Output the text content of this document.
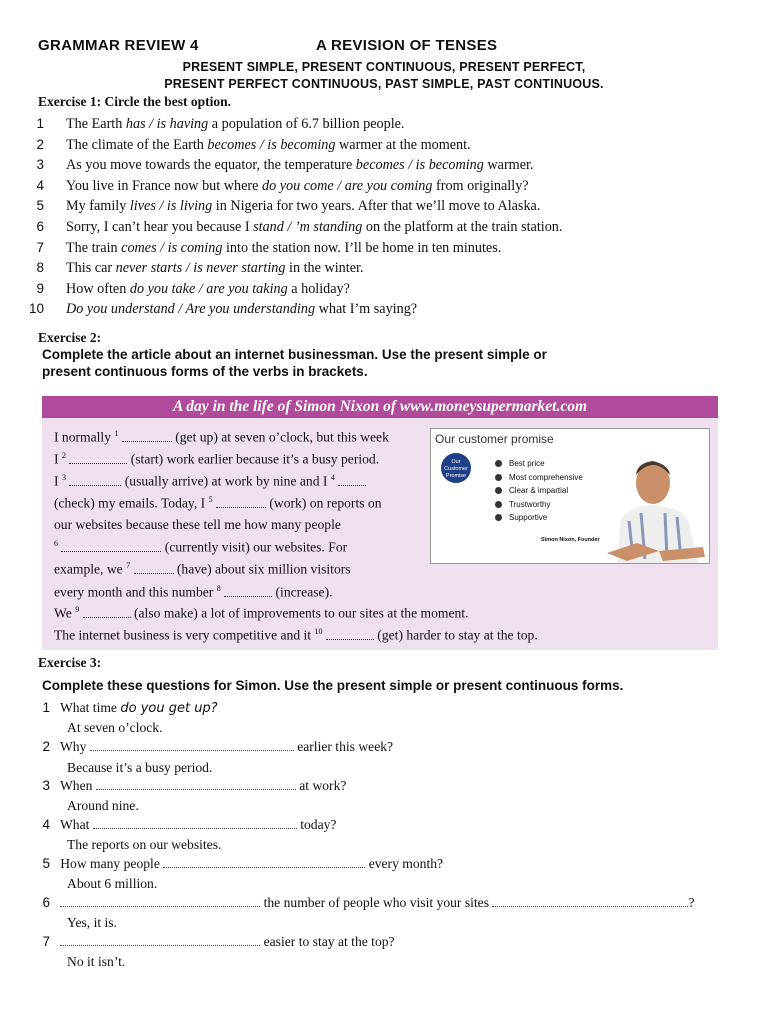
GRAMMAR REVIEW 4	A REVISION OF TENSES
PRESENT SIMPLE, PRESENT CONTINUOUS, PRESENT PERFECT,
PRESENT PERFECT CONTINUOUS, PAST SIMPLE, PAST CONTINUOUS.
Exercise 1: Circle the best option.
1 The Earth has / is having a population of 6.7 billion people.
2 The climate of the Earth becomes / is becoming warmer at the moment.
3 As you move towards the equator, the temperature becomes / is becoming warmer.
4 You live in France now but where do you come / are you coming from originally?
5 My family lives / is living in Nigeria for two years. After that we’ll move to Alaska.
6 Sorry, I can’t hear you because I stand / ’m standing on the platform at the train station.
7 The train comes / is coming into the station now. I’ll be home in ten minutes.
8 This car never starts / is never starting in the winter.
9 How often do you take / are you taking a holiday?
10 Do you understand / Are you understanding what I’m saying?
Exercise 2:
Complete the article about an internet businessman. Use the present simple or
present continuous forms of the verbs in brackets.
A day in the life of Simon Nixon of www.moneysupermarket.com
I normally $^1$	(get up) at seven o’clock, but this week
I $^2$	(start) work earlier because it’s a busy period.
I $^3$	(usually arrive) at work by nine and I $^4$
(check) my emails. Today, I $^5$	(work) on reports on
our websites because these tell me how many people
$^6$	(currently visit) our websites. For
example, we $^7$	(have) about six million visitors
every month and this number $^8$	(increase).
We $^9$	(also make) a lot of improvements to our sites at the moment.
The internet business is very competitive and it $^{10}$	(get) harder to stay at the top.
Our customer promise
Our
Customer
Promise
Best price
Most comprehensive
Clear & impartial
Trustworthy
Supportive
Simon Nixon, Founder
Exercise 3:
Complete these questions for Simon. Use the present simple or present continuous forms.
1 What time do you get up?
At seven o’clock.
2 Why	earlier this week?
Because it’s a busy period.
3 When	at work?
Around nine.
4 What	today?
The reports on our websites.
5 How many people	every month?
About 6 million.
6	the number of people who visit your sites	?
Yes, it is.
7	easier to stay at the top?
No it isn’t.
